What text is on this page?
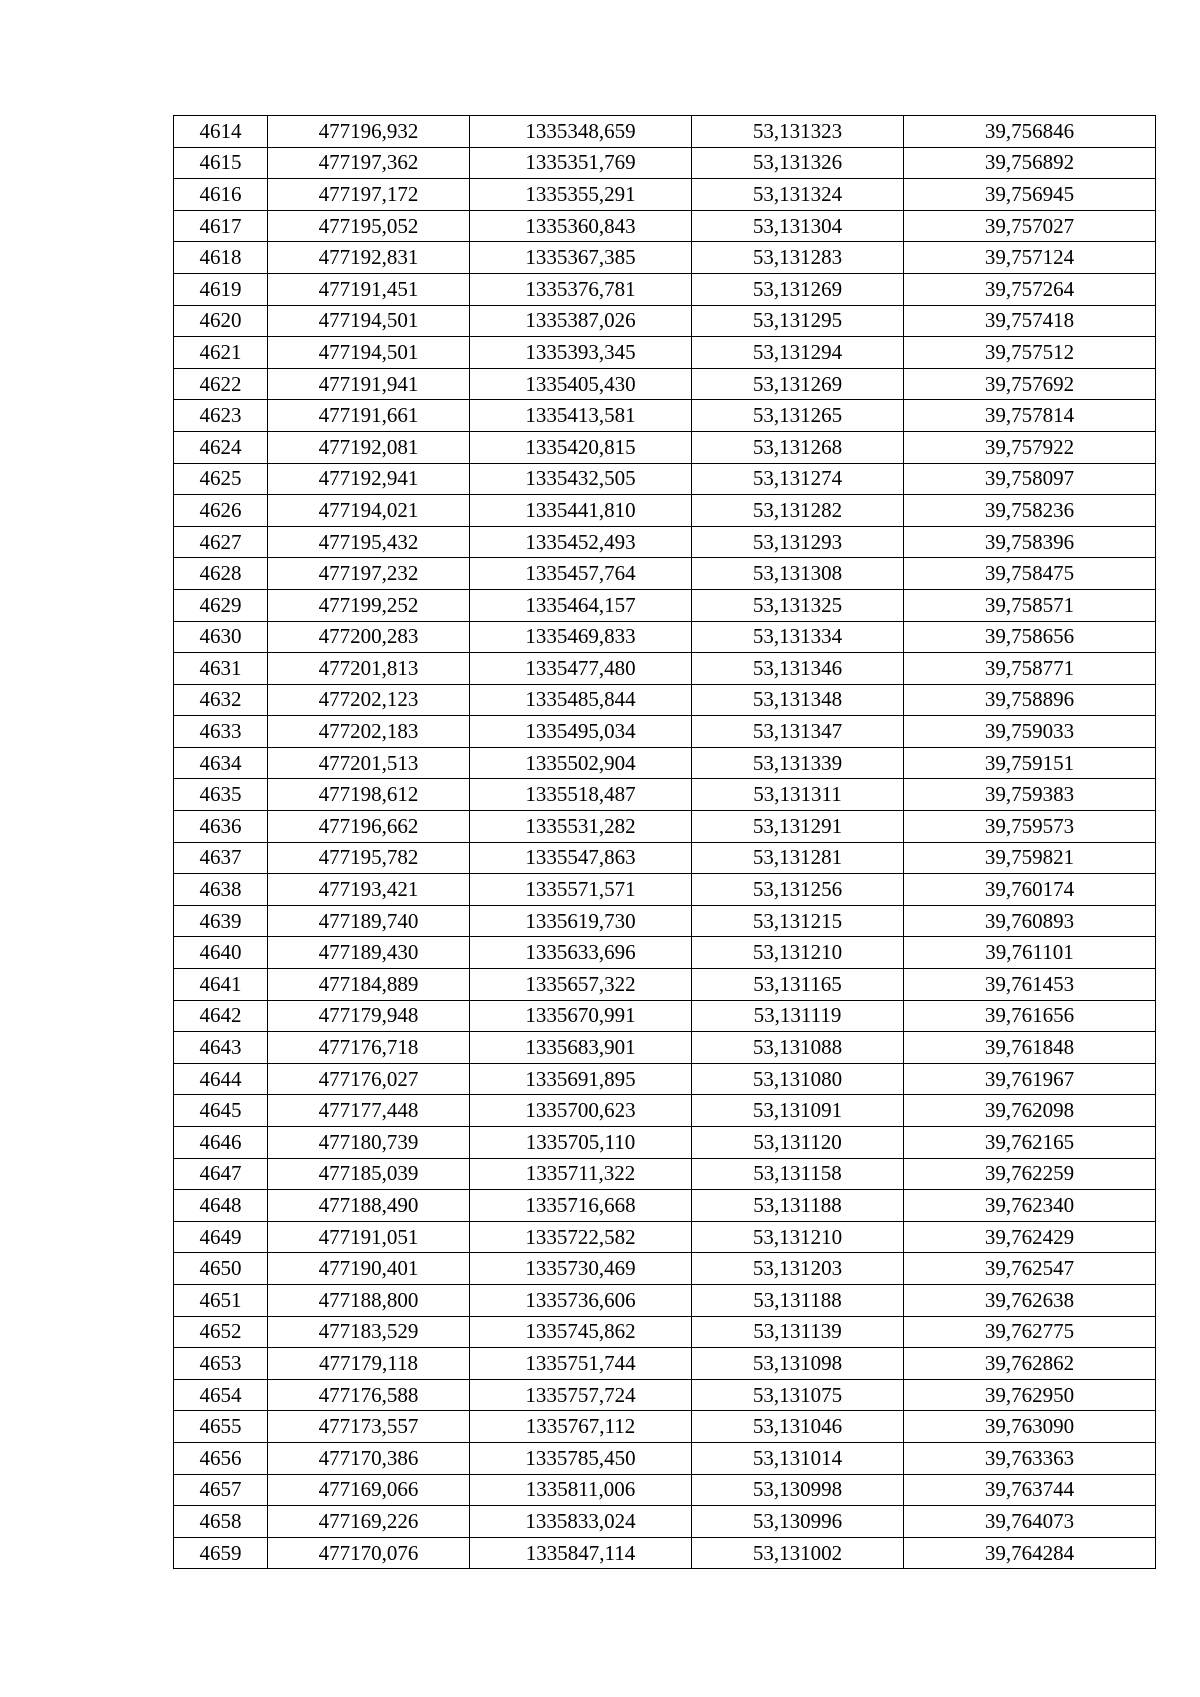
4614	477196,932	1335348,659	53,131323	39,756846
4615	477197,362	1335351,769	53,131326	39,756892
4616	477197,172	1335355,291	53,131324	39,756945
4617	477195,052	1335360,843	53,131304	39,757027
4618	477192,831	1335367,385	53,131283	39,757124
4619	477191,451	1335376,781	53,131269	39,757264
4620	477194,501	1335387,026	53,131295	39,757418
4621	477194,501	1335393,345	53,131294	39,757512
4622	477191,941	1335405,430	53,131269	39,757692
4623	477191,661	1335413,581	53,131265	39,757814
4624	477192,081	1335420,815	53,131268	39,757922
4625	477192,941	1335432,505	53,131274	39,758097
4626	477194,021	1335441,810	53,131282	39,758236
4627	477195,432	1335452,493	53,131293	39,758396
4628	477197,232	1335457,764	53,131308	39,758475
4629	477199,252	1335464,157	53,131325	39,758571
4630	477200,283	1335469,833	53,131334	39,758656
4631	477201,813	1335477,480	53,131346	39,758771
4632	477202,123	1335485,844	53,131348	39,758896
4633	477202,183	1335495,034	53,131347	39,759033
4634	477201,513	1335502,904	53,131339	39,759151
4635	477198,612	1335518,487	53,131311	39,759383
4636	477196,662	1335531,282	53,131291	39,759573
4637	477195,782	1335547,863	53,131281	39,759821
4638	477193,421	1335571,571	53,131256	39,760174
4639	477189,740	1335619,730	53,131215	39,760893
4640	477189,430	1335633,696	53,131210	39,761101
4641	477184,889	1335657,322	53,131165	39,761453
4642	477179,948	1335670,991	53,131119	39,761656
4643	477176,718	1335683,901	53,131088	39,761848
4644	477176,027	1335691,895	53,131080	39,761967
4645	477177,448	1335700,623	53,131091	39,762098
4646	477180,739	1335705,110	53,131120	39,762165
4647	477185,039	1335711,322	53,131158	39,762259
4648	477188,490	1335716,668	53,131188	39,762340
4649	477191,051	1335722,582	53,131210	39,762429
4650	477190,401	1335730,469	53,131203	39,762547
4651	477188,800	1335736,606	53,131188	39,762638
4652	477183,529	1335745,862	53,131139	39,762775
4653	477179,118	1335751,744	53,131098	39,762862
4654	477176,588	1335757,724	53,131075	39,762950
4655	477173,557	1335767,112	53,131046	39,763090
4656	477170,386	1335785,450	53,131014	39,763363
4657	477169,066	1335811,006	53,130998	39,763744
4658	477169,226	1335833,024	53,130996	39,764073
4659	477170,076	1335847,114	53,131002	39,764284
